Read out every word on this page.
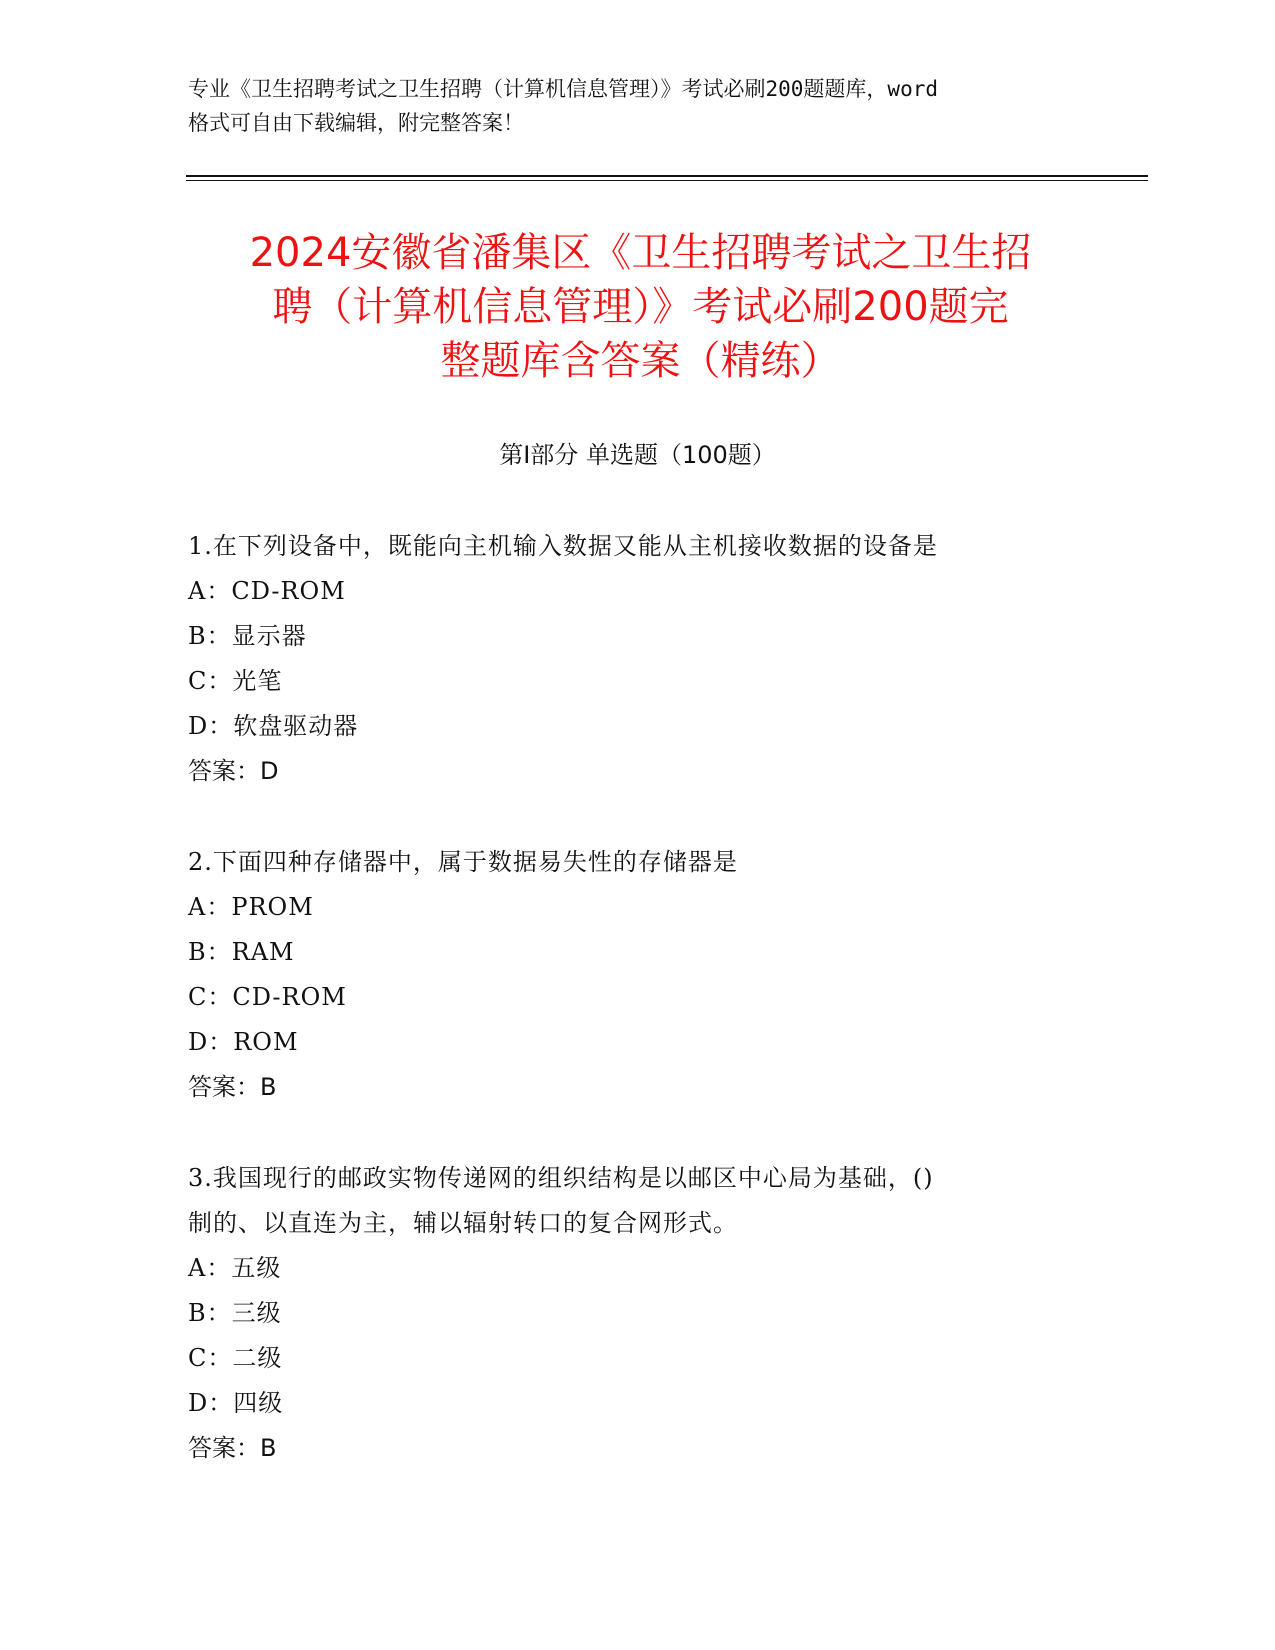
专业《卫生招聘考试之卫生招聘（计算机信息管理）》考试必刷200题题库，word
格式可自由下载编辑，附完整答案！
2024安徽省潘集区《卫生招聘考试之卫生招
聘（计算机信息管理）》考试必刷200题完
整题库含答案（精练）
第Ⅰ部分 单选题（100题）
1.在下列设备中，既能向主机输入数据又能从主机接收数据的设备是
A：CD-ROM
B：显示器
C：光笔
D：软盘驱动器
答案：D
2.下面四种存储器中，属于数据易失性的存储器是
A：PROM
B：RAM
C：CD-ROM
D：ROM
答案：B
3.我国现行的邮政实物传递网的组织结构是以邮区中心局为基础，()
制的、以直连为主，辅以辐射转口的复合网形式。
A：五级
B：三级
C：二级
D：四级
答案：B
